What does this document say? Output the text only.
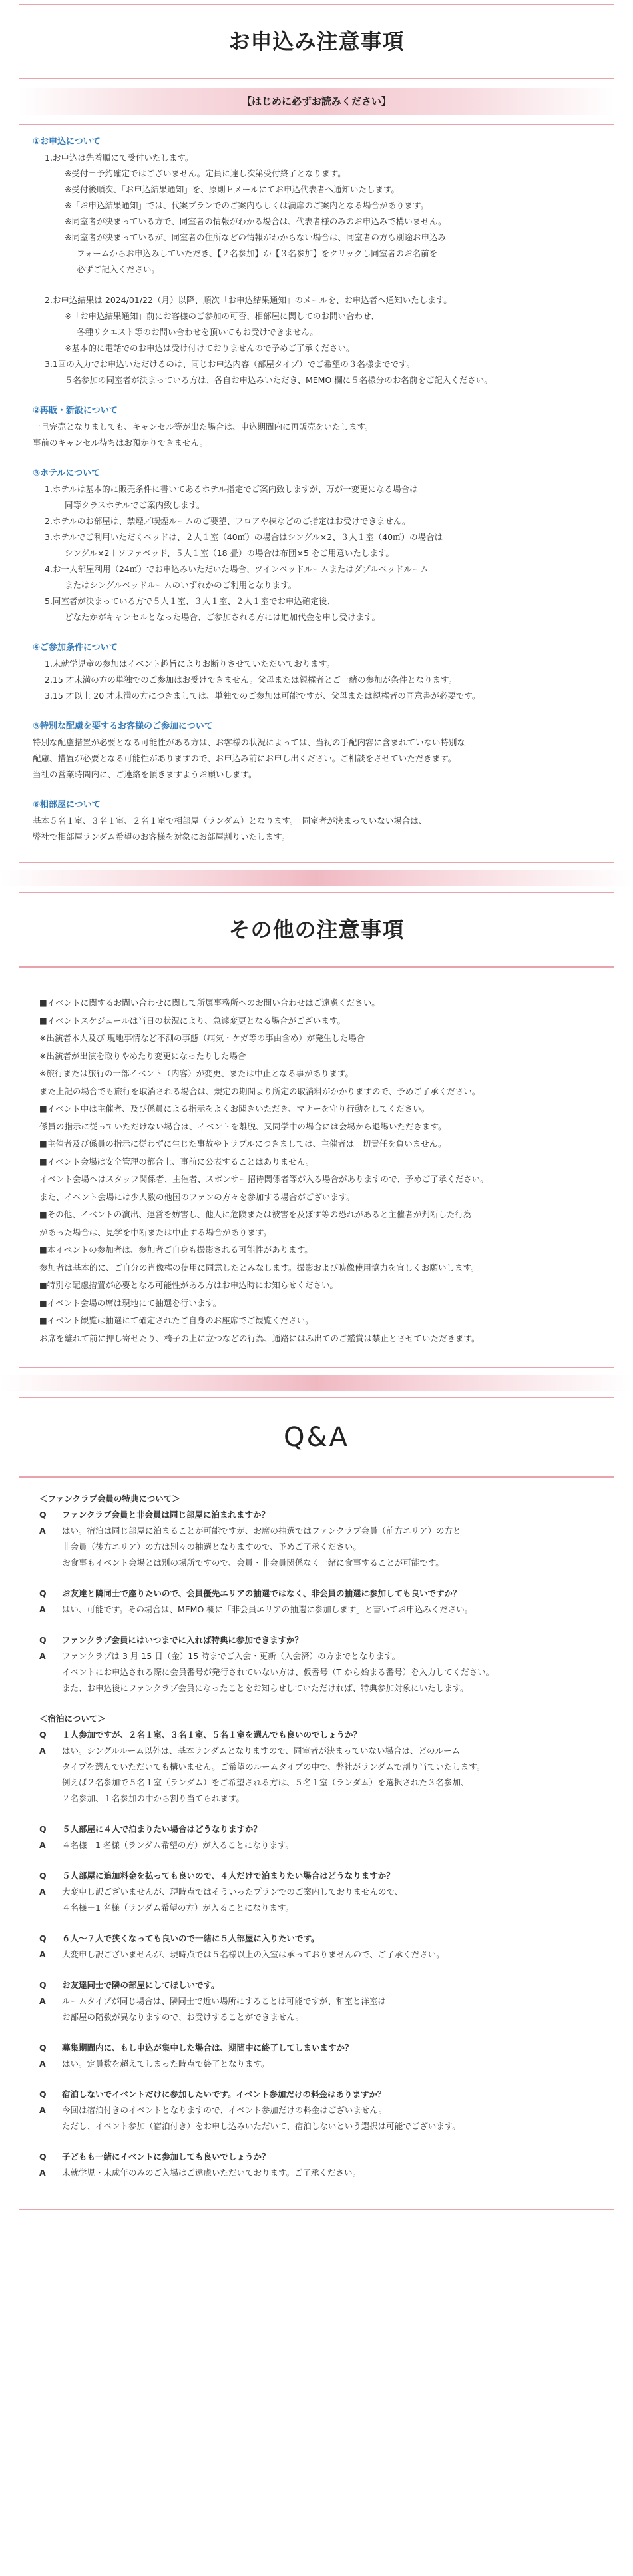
お申込み注意事項
【はじめに必ずお読みください】
①お申込について
1.お申込は先着順にて受付いたします。
※受付＝予約確定ではございません。定員に達し次第受付終了となります。
※受付後順次、「お申込結果通知」を、原則Ｅメールにてお申込代表者へ通知いたします。
※「お申込結果通知」では、代案プランでのご案内もしくは満席のご案内となる場合があります。
※同室者が決まっている方で、同室者の情報がわかる場合は、代表者様のみのお申込みで構いません。
※同室者が決まっているが、同室者の住所などの情報がわからない場合は、同室者の方も別途お申込み
フォームからお申込みしていただき、【２名参加】か【３名参加】をクリックし同室者のお名前を
必ずご記入ください。
2.お申込結果は 2024/01/22（月）以降、順次「お申込結果通知」のメールを、お申込者へ通知いたします。
※「お申込結果通知」前にお客様のご参加の可否、相部屋に関してのお問い合わせ、
各種リクエスト等のお問い合わせを頂いてもお受けできません。
※基本的に電話でのお申込は受け付けておりませんので予めご了承ください。
3.1回の入力でお申込いただけるのは、同じお申込内容（部屋タイプ）でご希望の３名様までです。
５名参加の同室者が決まっている方は、各自お申込みいただき、MEMO 欄に５名様分のお名前をご記入ください。
②再販・新設について
一旦完売となりましても、キャンセル等が出た場合は、申込期間内に再販売をいたします。
事前のキャンセル待ちはお預かりできません。
③ホテルについて
1.ホテルは基本的に販売条件に書いてあるホテル指定でご案内致しますが、万が一変更になる場合は
同等クラスホテルでご案内致します。
2.ホテルのお部屋は、禁煙／喫煙ルームのご要望、フロアや棟などのご指定はお受けできません。
3.ホテルでご利用いただくベッドは、２人１室（40㎡）の場合はシングル×2、３人１室（40㎡）の場合は
シングル×2＋ソファベッド、５人１室（18 畳）の場合は布団×5 をご用意いたします。
4.お一人部屋利用（24㎡）でお申込みいただいた場合、ツインベッドルームまたはダブルベッドルーム
またはシングルベッドルームのいずれかのご利用となります。
5.同室者が決まっている方で５人１室、３人１室、２人１室でお申込確定後、
どなたかがキャンセルとなった場合、ご参加される方には追加代金を申し受けます。
④ご参加条件について
1.未就学児童の参加はイベント趣旨によりお断りさせていただいております。
2.15 才未満の方の単独でのご参加はお受けできません。父母または親権者とご一緒の参加が条件となります。
3.15 才以上 20 才未満の方につきましては、単独でのご参加は可能ですが、父母または親権者の同意書が必要です。
⑤特別な配慮を要するお客様のご参加について
特別な配慮措置が必要となる可能性がある方は、お客様の状況によっては、当初の手配内容に含まれていない特別な
配慮、措置が必要となる可能性がありますので、お申込み前にお申し出ください。ご相談をさせていただきます。
当社の営業時間内に、ご連絡を頂きますようお願いします。
⑥相部屋について
基本５名１室、３名１室、２名１室で相部屋（ランダム）となります。　同室者が決まっていない場合は、
弊社で相部屋ランダム希望のお客様を対象にお部屋割りいたします。
その他の注意事項
■イベントに関するお問い合わせに関して所属事務所へのお問い合わせはご遠慮ください。
■イベントスケジュールは当日の状況により、急遽変更となる場合がございます。
※出演者本人及び 現地事情など不測の事態（病気・ケガ等の事由含め）が発生した場合
※出演者が出演を取りやめたり変更になったりした場合
※旅行または旅行の一部イベント（内容）が変更、または中止となる事があります。
また上記の場合でも旅行を取消される場合は、規定の期間より所定の取消料がかかりますので、予めご了承ください。
■イベント中は主催者、及び係員による指示をよくお聞きいただき、マナーを守り行動をしてください。
係員の指示に従っていただけない場合は、イベントを離脱、又同学中の場合には会場から退場いただきます。
■主催者及び係員の指示に従わずに生じた事故やトラブルにつきましては、主催者は一切責任を負いません。
■イベント会場は安全管理の都合上、事前に公表することはありません。
イベント会場へはスタッフ関係者、主催者、スポンサー招待関係者等が入る場合がありますので、予めご了承ください。
また、イベント会場には少人数の他国のファンの方々を参加する場合がございます。
■その他、イベントの演出、運営を妨害し、他人に危険または被害を及ぼす等の恐れがあると主催者が判断した行為
があった場合は、見学を中断または中止する場合があります。
■本イベントの参加者は、参加者ご自身も撮影される可能性があります。
参加者は基本的に、ご自分の肖像権の使用に同意したとみなします。撮影および映像使用協力を宜しくお願いします。
■特別な配慮措置が必要となる可能性がある方はお申込時にお知らせください。
■イベント会場の席は現地にて抽選を行います。
■イベント観覧は抽選にて確定されたご自身のお座席でご観覧ください。
お席を離れて前に押し寄せたり、椅子の上に立つなどの行為、通路にはみ出てのご鑑賞は禁止とさせていただきます。
Q&A
＜ファンクラブ会員の特典について＞
Q	ファンクラブ会員と非会員は同じ部屋に泊まれますか？
A	はい。宿泊は同じ部屋に泊まることが可能ですが、お席の抽選ではファンクラブ会員（前方エリア）の方と
非会員（後方エリア）の方は別々の抽選となりますので、予めご了承ください。
お食事もイベント会場とは別の場所ですので、会員・非会員関係なく一緒に食事することが可能です。
Q	お友達と隣同士で座りたいので、会員優先エリアの抽選ではなく、非会員の抽選に参加しても良いですか？
A	はい、可能です。その場合は、MEMO 欄に「非会員エリアの抽選に参加します」と書いてお申込みください。
Q	ファンクラブ会員にはいつまでに入れば特典に参加できますか？
A	ファンクラブは 3 月 15 日（金）15 時までご入会・更新（入会済）の方までとなります。
イベントにお申込される際に会員番号が発行されていない方は、仮番号（T から始まる番号）を入力してください。
また、お申込後にファンクラブ会員になったことをお知らせしていただければ、特典参加対象にいたします。
＜宿泊について＞
Q	１人参加ですが、２名１室、３名１室、５名１室を選んでも良いのでしょうか？
A	はい。シングルルーム以外は、基本ランダムとなりますので、同室者が決まっていない場合は、どのルーム
タイプを選んでいただいても構いません。ご希望のルームタイプの中で、弊社がランダムで割り当ていたします。
例えば２名参加で５名１室（ランダム）をご希望される方は、５名１室（ランダム）を選択された３名参加、
２名参加、１名参加の中から割り当てられます。
Q	５人部屋に４人で泊まりたい場合はどうなりますか？
A	４名様＋1 名様（ランダム希望の方）が入ることになります。
Q	５人部屋に追加料金を払っても良いので、４人だけで泊まりたい場合はどうなりますか？
A	大変申し訳ございませんが、現時点ではそういったプランでのご案内しておりませんので、
４名様＋1 名様（ランダム希望の方）が入ることになります。
Q	６人～７人で狭くなっても良いので一緒に５人部屋に入りたいです。
A	大変申し訳ございませんが、現時点では５名様以上の入室は承っておりませんので、ご了承ください。
Q	お友達同士で隣の部屋にしてほしいです。
A	ルームタイプが同じ場合は、隣同士で近い場所にすることは可能ですが、和室と洋室は
お部屋の階数が異なりますので、お受けすることができません。
Q	募集期間内に、もし申込が集中した場合は、期間中に終了してしまいますか？
A	はい。定員数を超えてしまった時点で終了となります。
Q	宿泊しないでイベントだけに参加したいです。イベント参加だけの料金はありますか？
A	今回は宿泊付きのイベントとなりますので、イベント参加だけの料金はございません。
ただし、イベント参加（宿泊付き）をお申し込みいただいて、宿泊しないという選択は可能でございます。
Q	子どもも一緒にイベントに参加しても良いでしょうか？
A	未就学児・未成年のみのご入場はご遠慮いただいております。ご了承ください。
